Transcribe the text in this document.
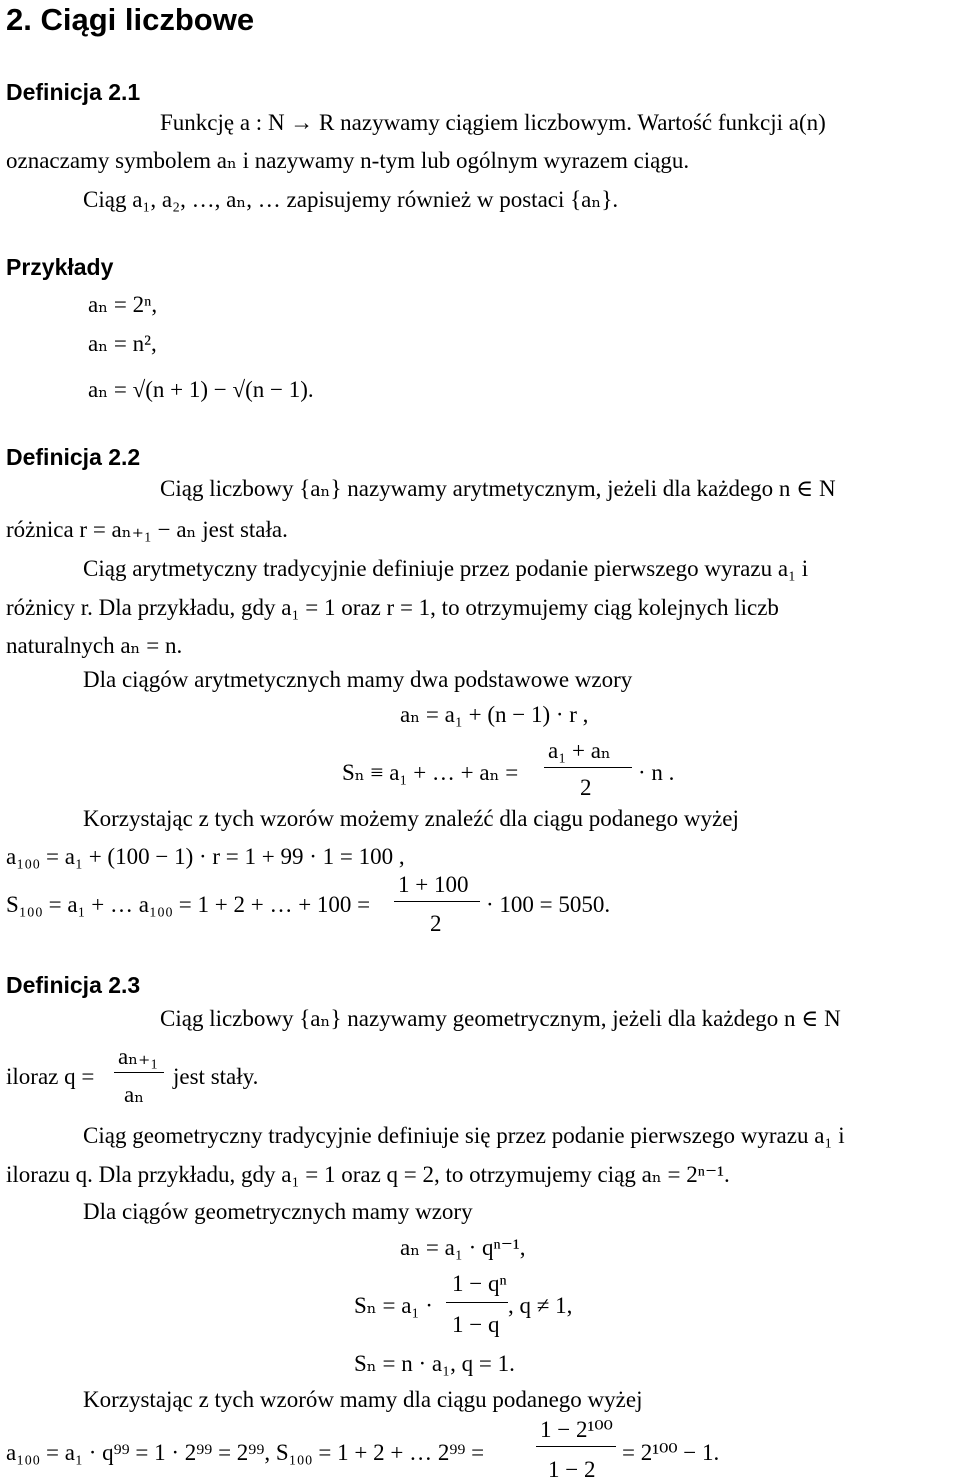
2. Ciągi liczbowe
Definicja 2.1
Funkcję a : N → R nazywamy ciągiem liczbowym. Wartość funkcji a(n)
oznaczamy symbolem aₙ i nazywamy n-tym lub ogólnym wyrazem ciągu.
Ciąg a₁, a₂, …, aₙ, … zapisujemy również w postaci {aₙ}.
Przykłady
aₙ = 2ⁿ,
aₙ = n²,
aₙ = √(n + 1) − √(n − 1).
Definicja 2.2
Ciąg liczbowy {aₙ} nazywamy arytmetycznym, jeżeli dla każdego n ∈ N
różnica r = aₙ₊₁ − aₙ jest stała.
Ciąg arytmetyczny tradycyjnie definiuje przez podanie pierwszego wyrazu a₁ i
różnicy r. Dla przykładu, gdy a₁ = 1 oraz r = 1, to otrzymujemy ciąg kolejnych liczb
naturalnych aₙ = n.
Dla ciągów arytmetycznych mamy dwa podstawowe wzory
aₙ = a₁ + (n − 1) · r ,
Sₙ ≡ a₁ + … + aₙ =
a₁ + aₙ
2
· n .
Korzystając z tych wzorów możemy znaleźć dla ciągu podanego wyżej
a₁₀₀ = a₁ + (100 − 1) · r = 1 + 99 · 1 = 100 ,
S₁₀₀ = a₁ + … a₁₀₀ = 1 + 2 + … + 100 =
1 + 100
2
· 100 = 5050.
Definicja 2.3
Ciąg liczbowy {aₙ} nazywamy geometrycznym, jeżeli dla każdego n ∈ N
iloraz q =
aₙ₊₁
aₙ
jest stały.
Ciąg geometryczny tradycyjnie definiuje się przez podanie pierwszego wyrazu a₁ i
ilorazu q. Dla przykładu, gdy a₁ = 1 oraz q = 2, to otrzymujemy ciąg aₙ = 2ⁿ⁻¹.
Dla ciągów geometrycznych mamy wzory
aₙ = a₁ · qⁿ⁻¹,
Sₙ = a₁ ·
1 − qⁿ
1 − q
, q ≠ 1,
Sₙ = n · a₁, q = 1.
Korzystając z tych wzorów mamy dla ciągu podanego wyżej
a₁₀₀ = a₁ · q⁹⁹ = 1 · 2⁹⁹ = 2⁹⁹, S₁₀₀ = 1 + 2 + … 2⁹⁹ =
1 − 2¹⁰⁰
1 − 2
= 2¹⁰⁰ − 1.
